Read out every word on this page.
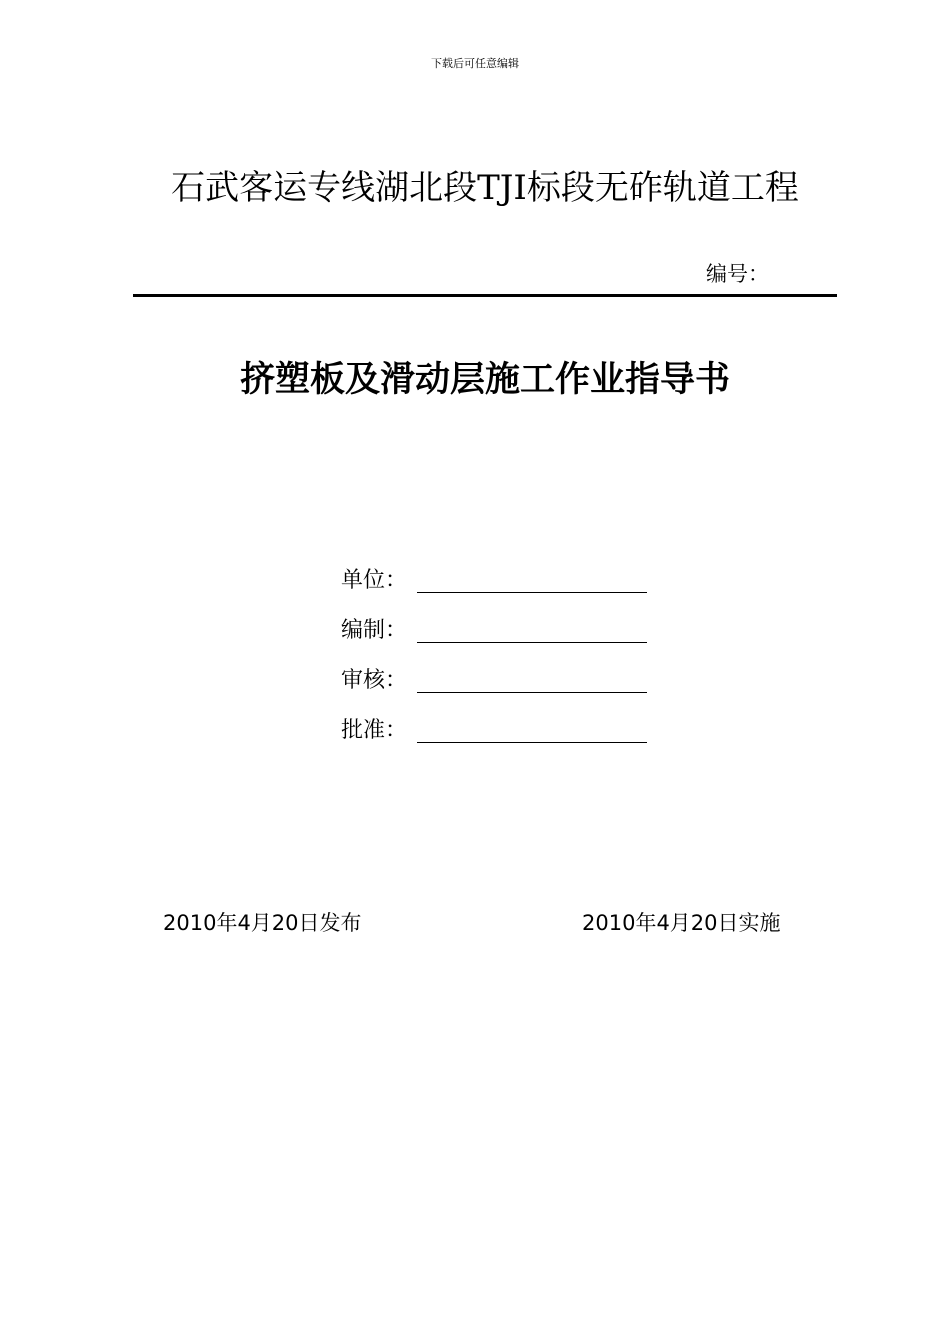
下载后可任意编辑
石武客运专线湖北段TJⅠ标段无砟轨道工程
编号：
挤塑板及滑动层施工作业指导书
单位：
编制：
审核：
批准：
2010年4月20日发布	2010年4月20日实施
